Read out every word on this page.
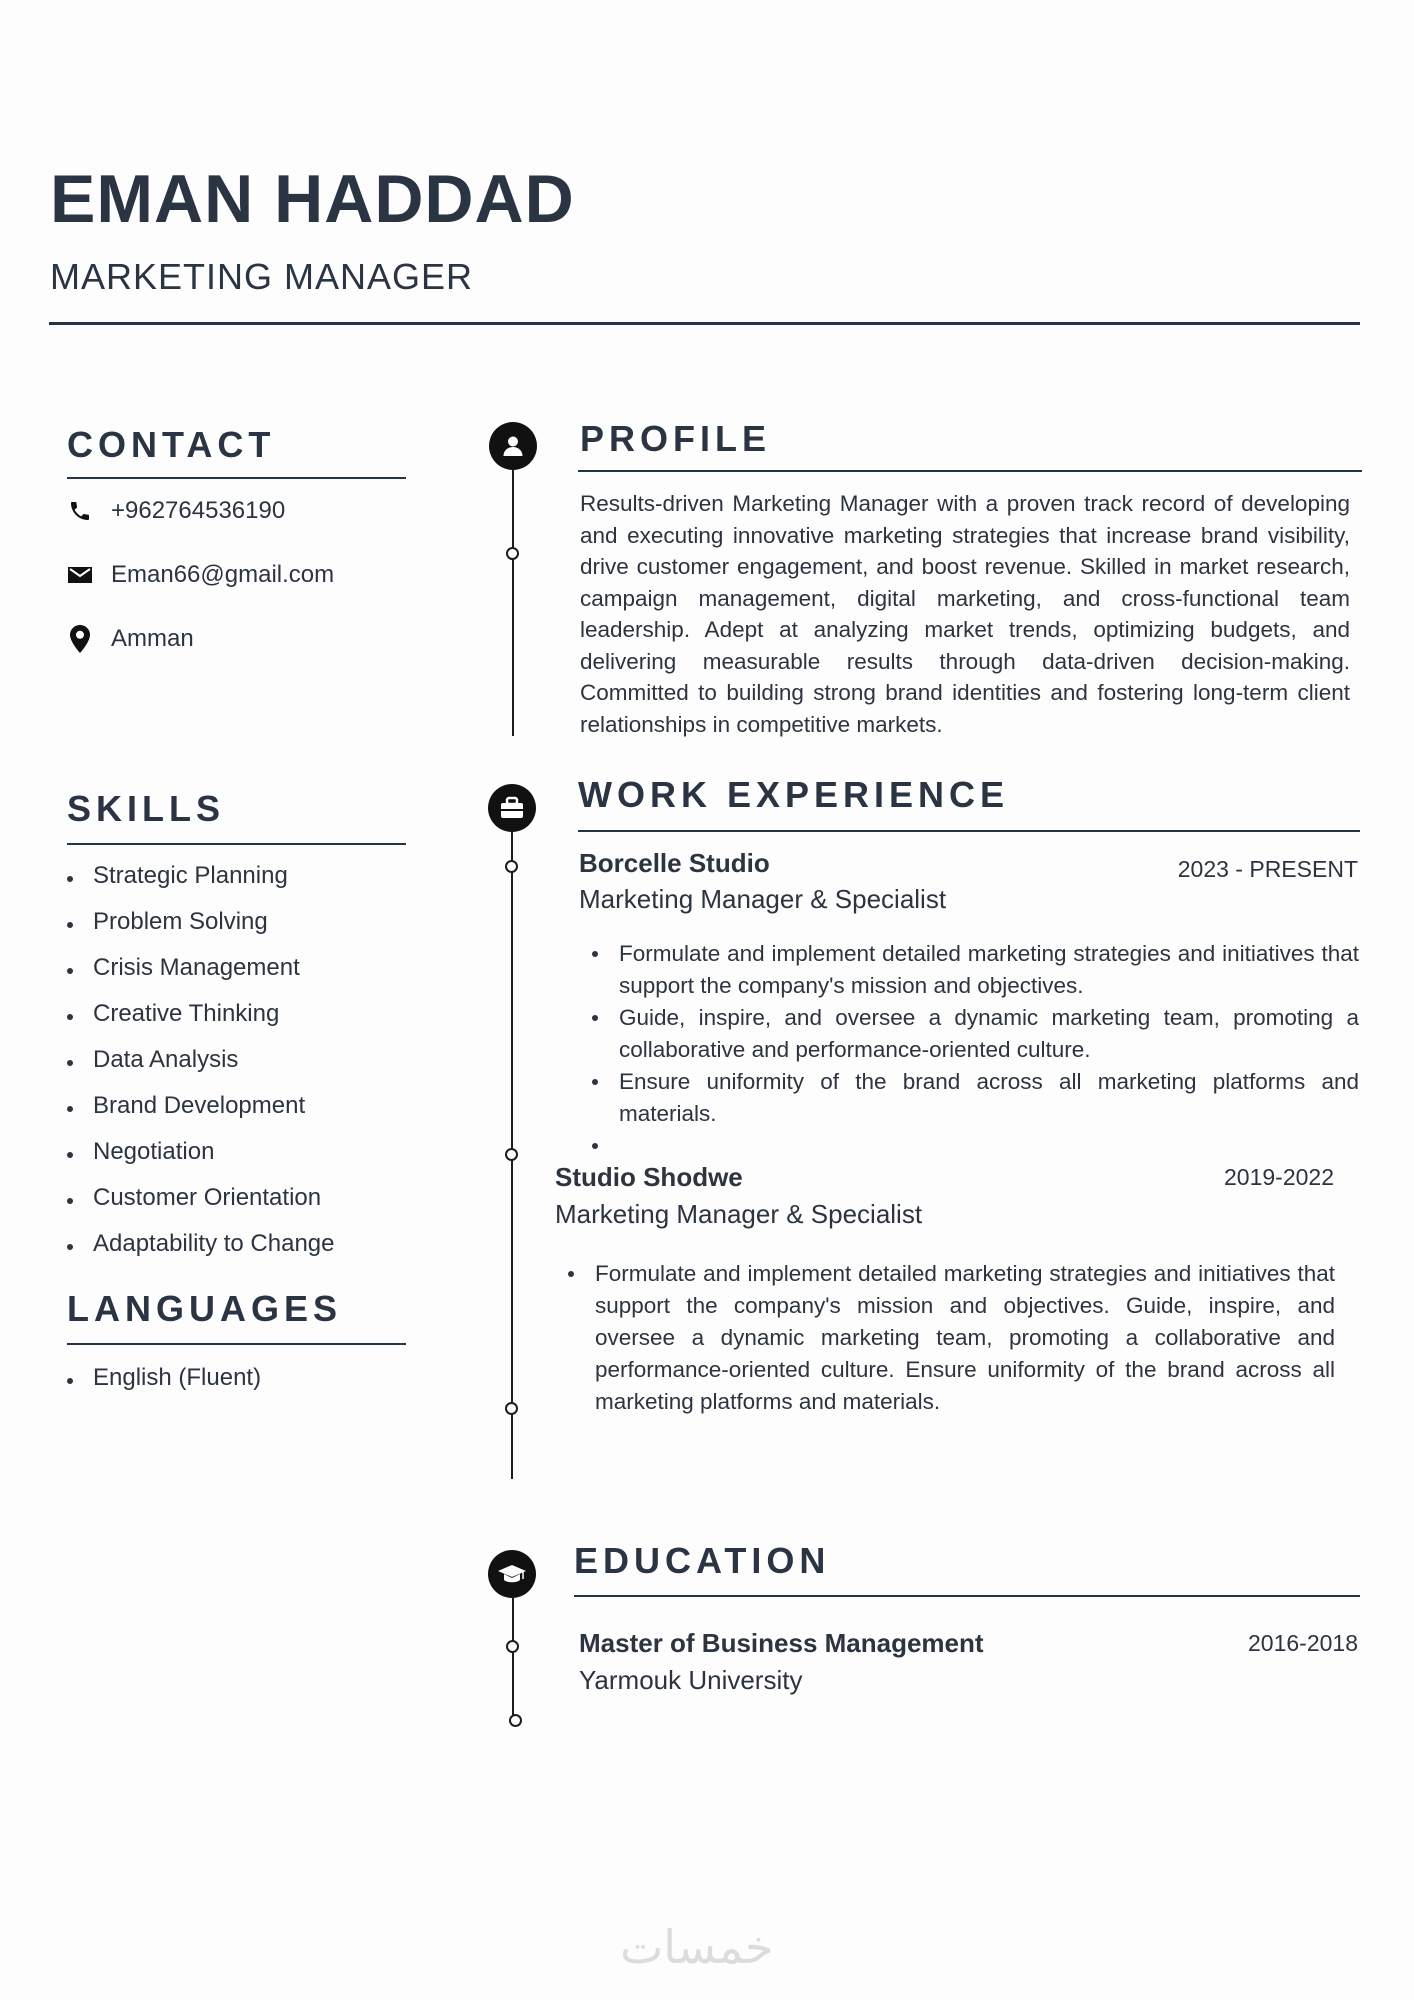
EMAN HADDAD
MARKETING MANAGER
CONTACT
+962764536190
Eman66@gmail.com
Amman
SKILLS
Strategic Planning
Problem Solving
Crisis Management
Creative Thinking
Data Analysis
Brand Development
Negotiation
Customer Orientation
Adaptability to Change
LANGUAGES
English (Fluent)
PROFILE
Results-driven Marketing Manager with a proven track record of developing and executing innovative marketing strategies that increase brand visibility, drive customer engagement, and boost revenue. Skilled in market research, campaign management, digital marketing, and cross-functional team leadership. Adept at analyzing market trends, optimizing budgets, and delivering measurable results through data-driven decision-making. Committed to building strong brand identities and fostering long-term client relationships in competitive markets.
WORK EXPERIENCE
Borcelle Studio	2023 - PRESENT
Marketing Manager & Specialist
Formulate and implement detailed marketing strategies and initiatives that support the company's mission and objectives.
Guide, inspire, and oversee a dynamic marketing team, promoting a collaborative and performance-oriented culture.
Ensure uniformity of the brand across all marketing platforms and materials.
Studio Shodwe	2019-2022
Marketing Manager & Specialist
Formulate and implement detailed marketing strategies and initiatives that support the company's mission and objectives. Guide, inspire, and oversee a dynamic marketing team, promoting a collaborative and performance-oriented culture. Ensure uniformity of the brand across all marketing platforms and materials.
EDUCATION
Master of Business Management	2016-2018
Yarmouk University
خمسات
